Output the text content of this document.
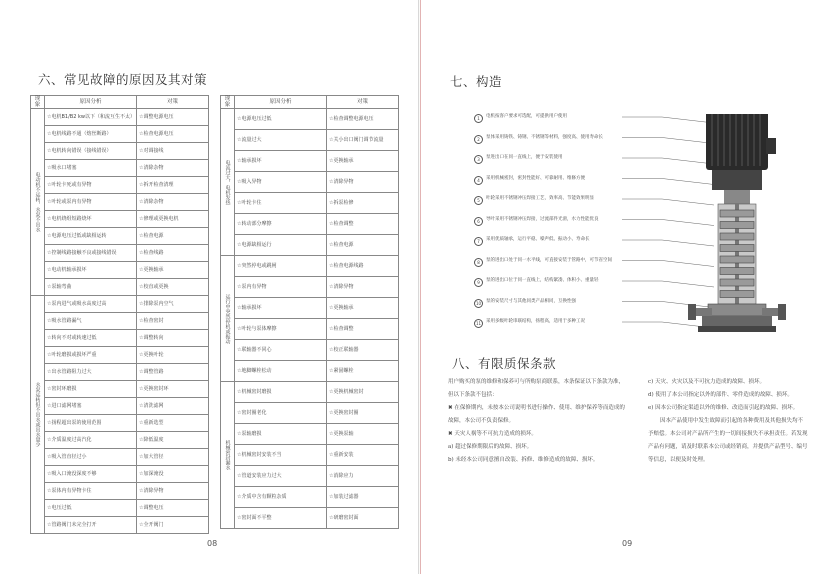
六、常见故障的原因及其对策
现象	原因分析	对策
电动机不运转，水泵不出水	☆电机B1/B2 kw以下（和流互生不太）	☆调整电源电压
	☆电机线路不通（熔丝断路）	☆检查电源电压
	☆电机转向错误（接线错误）	☆对调接线
	☆吸水口堵塞	☆清除杂物
	☆叶轮卡死或有异物	☆拆开检查清理
	☆叶轮或泵内有异物	☆清除杂物
	☆电机绕组短路烧坏	☆修理或更换电机
	☆电源电压过低或缺相运转	☆检查电源
	☆控制线路接触不良或接线错误	☆检查线路
	☆电动机轴承损坏	☆更换轴承
	☆泵轴弯曲	☆校直或更换
水泵运转但不出水或出水量少	☆泵内进气或吸水高度过高	☆排除泵内空气
	☆吸水管路漏气	☆检查密封
	☆转向不对或转速过低	☆调整转向
	☆叶轮磨损或损坏严重	☆更换叶轮
	☆出水管路阻力过大	☆调整管路
	☆密封环磨损	☆更换密封环
	☆进口滤网堵塞	☆清洗滤网
	☆扬程超出泵的使用范围	☆重新选型
	☆介质温度过高汽化	☆降低温度
	☆吸入管直径过小	☆加大管径
	☆吸入口淹没深度不够	☆加深淹没
	☆泵体内有异物卡住	☆清除异物
	☆电压过低	☆调整电压
	☆管路阀门未完全打开	☆全开阀门
现象	原因分析	对策
电流过大，电机发热	☆电源电压过低	☆检查调整电源电压
	☆流量过大	☆关小出口阀门调节流量
	☆轴承损坏	☆更换轴承
	☆吸入异物	☆清除异物
	☆叶轮卡住	☆拆泵检修
	☆转动部分摩擦	☆检查调整
	☆电源缺相运行	☆检查电源
运行中突然停机或振动	☆突然停电或跳闸	☆检查电源线路
	☆泵内有异物	☆清除异物
	☆轴承损坏	☆更换轴承
	☆叶轮与泵体摩擦	☆检查调整
	☆联轴器不同心	☆校正联轴器
	☆地脚螺栓松动	☆紧固螺栓
机械密封漏水	☆机械密封磨损	☆更换机械密封
	☆密封圈老化	☆更换密封圈
	☆泵轴磨损	☆更换泵轴
	☆机械密封安装不当	☆重新安装
	☆管道安装应力过大	☆消除应力
	☆介质中含有颗粒杂质	☆加装过滤器
	☆密封面不平整	☆研磨密封面
08
七、构造
1	电机按客户要求可选配，可提供用户使用
2	泵体采用铸铁、铸钢、不锈钢等材料，强度高、使用寿命长
3	泵进出口在同一直线上，便于安装使用
4	采用机械密封，密封性能好、可靠耐用、维修方便
5	叶轮采用不锈钢冲压焊接工艺，效率高、节能效果明显
6	导叶采用不锈钢冲压焊接，过流部件光滑，水力性能优良
7	采用优质轴承，运行平稳、噪声低、振动小、寿命长
8	泵的进出口处于同一水平线，可直接安装于管路中，可节省空间
9	泵的进出口位于同一直线上，结构紧凑、体积小、重量轻
10	泵的安装尺寸与其他同类产品相同，互换性强
11	采用多级叶轮串联结构，扬程高，适用于多种工况
八、有限质保条款
用户购买的泵的维修和保养可与所购泵商联系，本条保证以下条款为准，但以下条款不包括：
✖ 在保修期内，未按本公司说明书进行操作、使用、维护保养等而造成的故障，本公司不负责保修。
✖ 天灾人祸等不可抗力造成的损坏。
a) 超过保修期限后的故障、损坏。
b) 未经本公司同意擅自改装、拆修、维修造成的故障、损坏。
c) 天灾、火灾以及不可抗力造成的故障、损坏。
d) 使用了本公司指定以外的部件、零件造成的故障、损坏。
e) 因本公司指定渠道以外的维修、改造而引起的故障、损坏。
因本产品使用中发生故障而引起的各种费用及其他损失均不予赔偿。本公司对产品所产生的一切间接损失不承担责任。若发现产品有问题，请及时联系本公司或经销商，并提供产品型号、编号等信息，以便及时处理。
09
